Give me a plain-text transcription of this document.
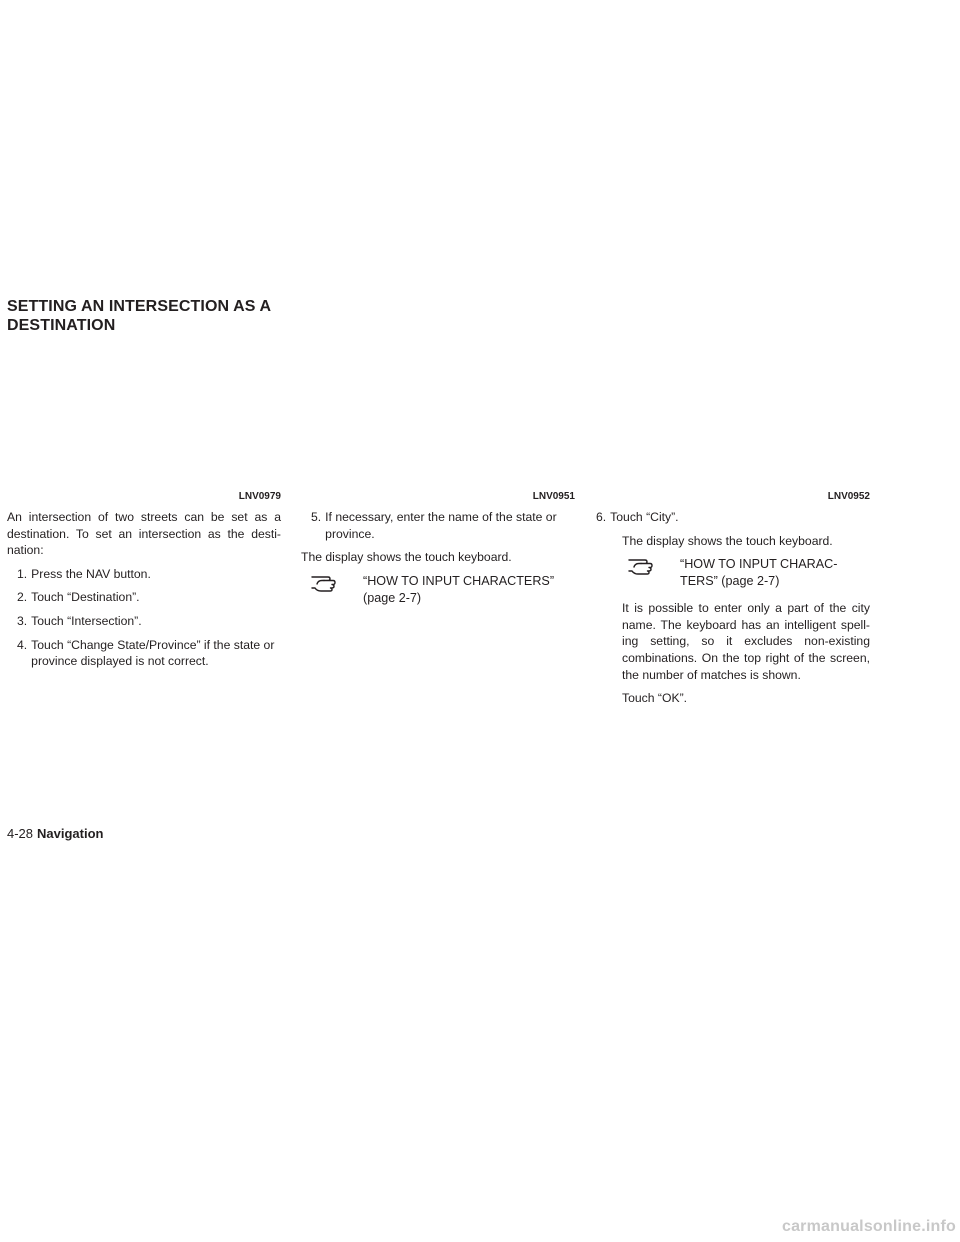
SETTING AN INTERSECTION AS A
DESTINATION
LNV0979

An intersection of two streets can be set as a destination. To set an intersection as the desti- nation:

1. Press the NAV button.
2. Touch “Destination”.
3. Touch “Intersection”.
4. Touch “Change State/Province” if the state or province displayed is not correct.
LNV0951
5. If necessary, enter the name of the state or province.

The display shows the touch keyboard.

“HOW TO INPUT CHARACTERS”
(page 2-7)
LNV0952
6. Touch “City”.

The display shows the touch keyboard.

“HOW TO INPUT CHARAC-
TERS” (page 2-7)

It is possible to enter only a part of the city name. The keyboard has an intelligent spell- ing setting, so it excludes non-existing combinations. On the top right of the screen, the number of matches is shown.

Touch “OK”.

4-28 Navigation
carmanualsonline.info
